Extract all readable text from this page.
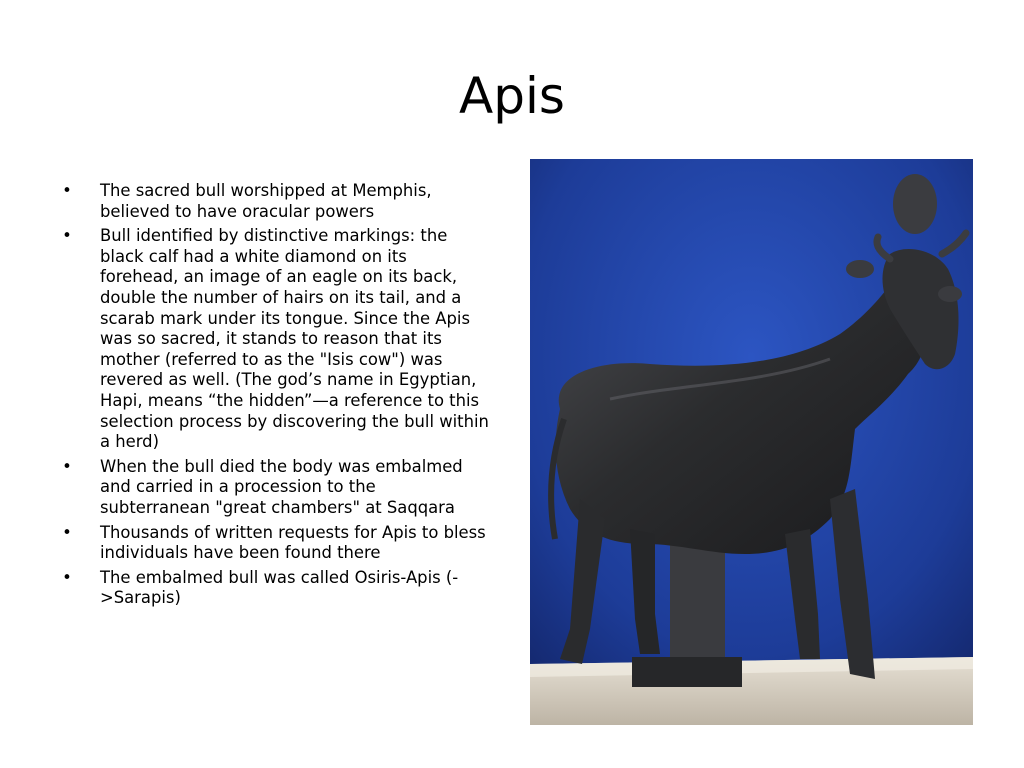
Apis
• The sacred bull worshipped at Memphis, believed to have oracular powers
• Bull identified by distinctive markings: the black calf had a white diamond on its forehead, an image of an eagle on its back, double the number of hairs on its tail, and a scarab mark under its tongue. Since the Apis was so sacred, it stands to reason that its mother (referred to as the "Isis cow") was revered as well. (The god’s name in Egyptian, Hapi, means “the hidden”—a reference to this selection process by discovering the bull within a herd)
• When the bull died the body was embalmed and carried in a procession to the subterranean "great chambers" at Saqqara
• Thousands of written requests for Apis to bless individuals have been found there
• The embalmed bull was called Osiris-Apis (->Sarapis)
